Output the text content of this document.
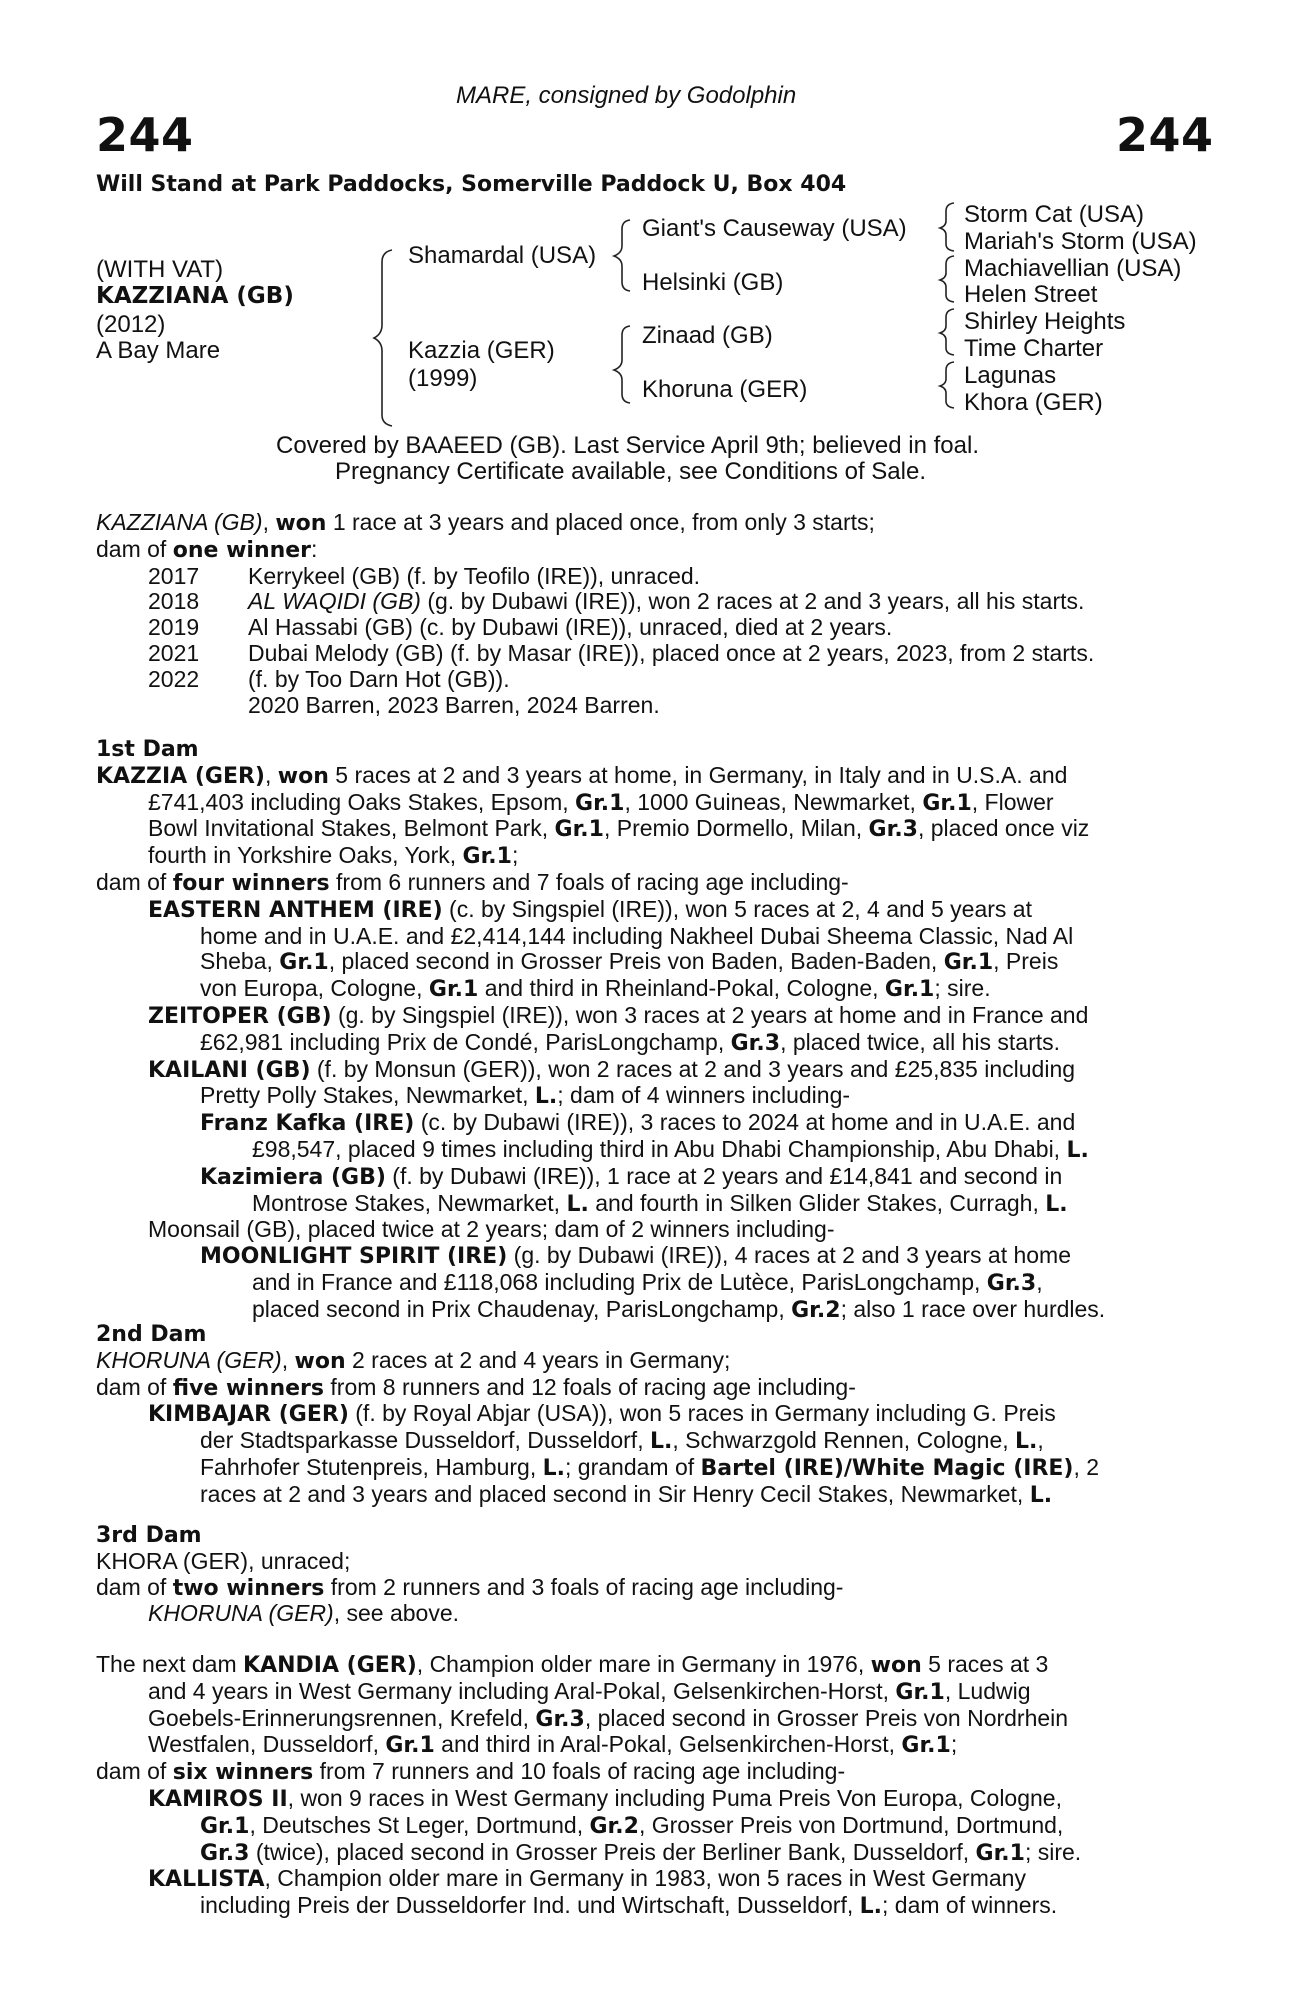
MARE, consigned by Godolphin
244	244
Will Stand at Park Paddocks, Somerville Paddock U, Box 404
(WITH VAT)
KAZZIANA (GB)
(2012)
A Bay Mare
Shamardal (USA)
Kazzia (GER)
(1999)
Giant's Causeway (USA)
Helsinki (GB)
Zinaad (GB)
Khoruna (GER)
Storm Cat (USA)
Mariah's Storm (USA)
Machiavellian (USA)
Helen Street
Shirley Heights
Time Charter
Lagunas
Khora (GER)
Covered by BAAEED (GB). Last Service April 9th; believed in foal.
Pregnancy Certificate available, see Conditions of Sale.
KAZZIANA (GB), won 1 race at 3 years and placed once, from only 3 starts;
dam of one winner:
2017 Kerrykeel (GB) (f. by Teofilo (IRE)), unraced.
2018 AL WAQIDI (GB) (g. by Dubawi (IRE)), won 2 races at 2 and 3 years, all his starts.
2019 Al Hassabi (GB) (c. by Dubawi (IRE)), unraced, died at 2 years.
2021 Dubai Melody (GB) (f. by Masar (IRE)), placed once at 2 years, 2023, from 2 starts.
2022 (f. by Too Darn Hot (GB)).
2020 Barren, 2023 Barren, 2024 Barren.
1st Dam
KAZZIA (GER), won 5 races at 2 and 3 years at home, in Germany, in Italy and in U.S.A. and
£741,403 including Oaks Stakes, Epsom, Gr.1, 1000 Guineas, Newmarket, Gr.1, Flower
Bowl Invitational Stakes, Belmont Park, Gr.1, Premio Dormello, Milan, Gr.3, placed once viz
fourth in Yorkshire Oaks, York, Gr.1;
dam of four winners from 6 runners and 7 foals of racing age including-
EASTERN ANTHEM (IRE) (c. by Singspiel (IRE)), won 5 races at 2, 4 and 5 years at
home and in U.A.E. and £2,414,144 including Nakheel Dubai Sheema Classic, Nad Al
Sheba, Gr.1, placed second in Grosser Preis von Baden, Baden-Baden, Gr.1, Preis
von Europa, Cologne, Gr.1 and third in Rheinland-Pokal, Cologne, Gr.1; sire.
ZEITOPER (GB) (g. by Singspiel (IRE)), won 3 races at 2 years at home and in France and
£62,981 including Prix de Condé, ParisLongchamp, Gr.3, placed twice, all his starts.
KAILANI (GB) (f. by Monsun (GER)), won 2 races at 2 and 3 years and £25,835 including
Pretty Polly Stakes, Newmarket, L.; dam of 4 winners including-
Franz Kafka (IRE) (c. by Dubawi (IRE)), 3 races to 2024 at home and in U.A.E. and
£98,547, placed 9 times including third in Abu Dhabi Championship, Abu Dhabi, L.
Kazimiera (GB) (f. by Dubawi (IRE)), 1 race at 2 years and £14,841 and second in
Montrose Stakes, Newmarket, L. and fourth in Silken Glider Stakes, Curragh, L.
Moonsail (GB), placed twice at 2 years; dam of 2 winners including-
MOONLIGHT SPIRIT (IRE) (g. by Dubawi (IRE)), 4 races at 2 and 3 years at home
and in France and £118,068 including Prix de Lutèce, ParisLongchamp, Gr.3,
placed second in Prix Chaudenay, ParisLongchamp, Gr.2; also 1 race over hurdles.
2nd Dam
KHORUNA (GER), won 2 races at 2 and 4 years in Germany;
dam of five winners from 8 runners and 12 foals of racing age including-
KIMBAJAR (GER) (f. by Royal Abjar (USA)), won 5 races in Germany including G. Preis
der Stadtsparkasse Dusseldorf, Dusseldorf, L., Schwarzgold Rennen, Cologne, L.,
Fahrhofer Stutenpreis, Hamburg, L.; grandam of Bartel (IRE)/White Magic (IRE), 2
races at 2 and 3 years and placed second in Sir Henry Cecil Stakes, Newmarket, L.
3rd Dam
KHORA (GER), unraced;
dam of two winners from 2 runners and 3 foals of racing age including-
KHORUNA (GER), see above.
The next dam KANDIA (GER), Champion older mare in Germany in 1976, won 5 races at 3
and 4 years in West Germany including Aral-Pokal, Gelsenkirchen-Horst, Gr.1, Ludwig
Goebels-Erinnerungsrennen, Krefeld, Gr.3, placed second in Grosser Preis von Nordrhein
Westfalen, Dusseldorf, Gr.1 and third in Aral-Pokal, Gelsenkirchen-Horst, Gr.1;
dam of six winners from 7 runners and 10 foals of racing age including-
KAMIROS II, won 9 races in West Germany including Puma Preis Von Europa, Cologne,
Gr.1, Deutsches St Leger, Dortmund, Gr.2, Grosser Preis von Dortmund, Dortmund,
Gr.3 (twice), placed second in Grosser Preis der Berliner Bank, Dusseldorf, Gr.1; sire.
KALLISTA, Champion older mare in Germany in 1983, won 5 races in West Germany
including Preis der Dusseldorfer Ind. und Wirtschaft, Dusseldorf, L.; dam of winners.
